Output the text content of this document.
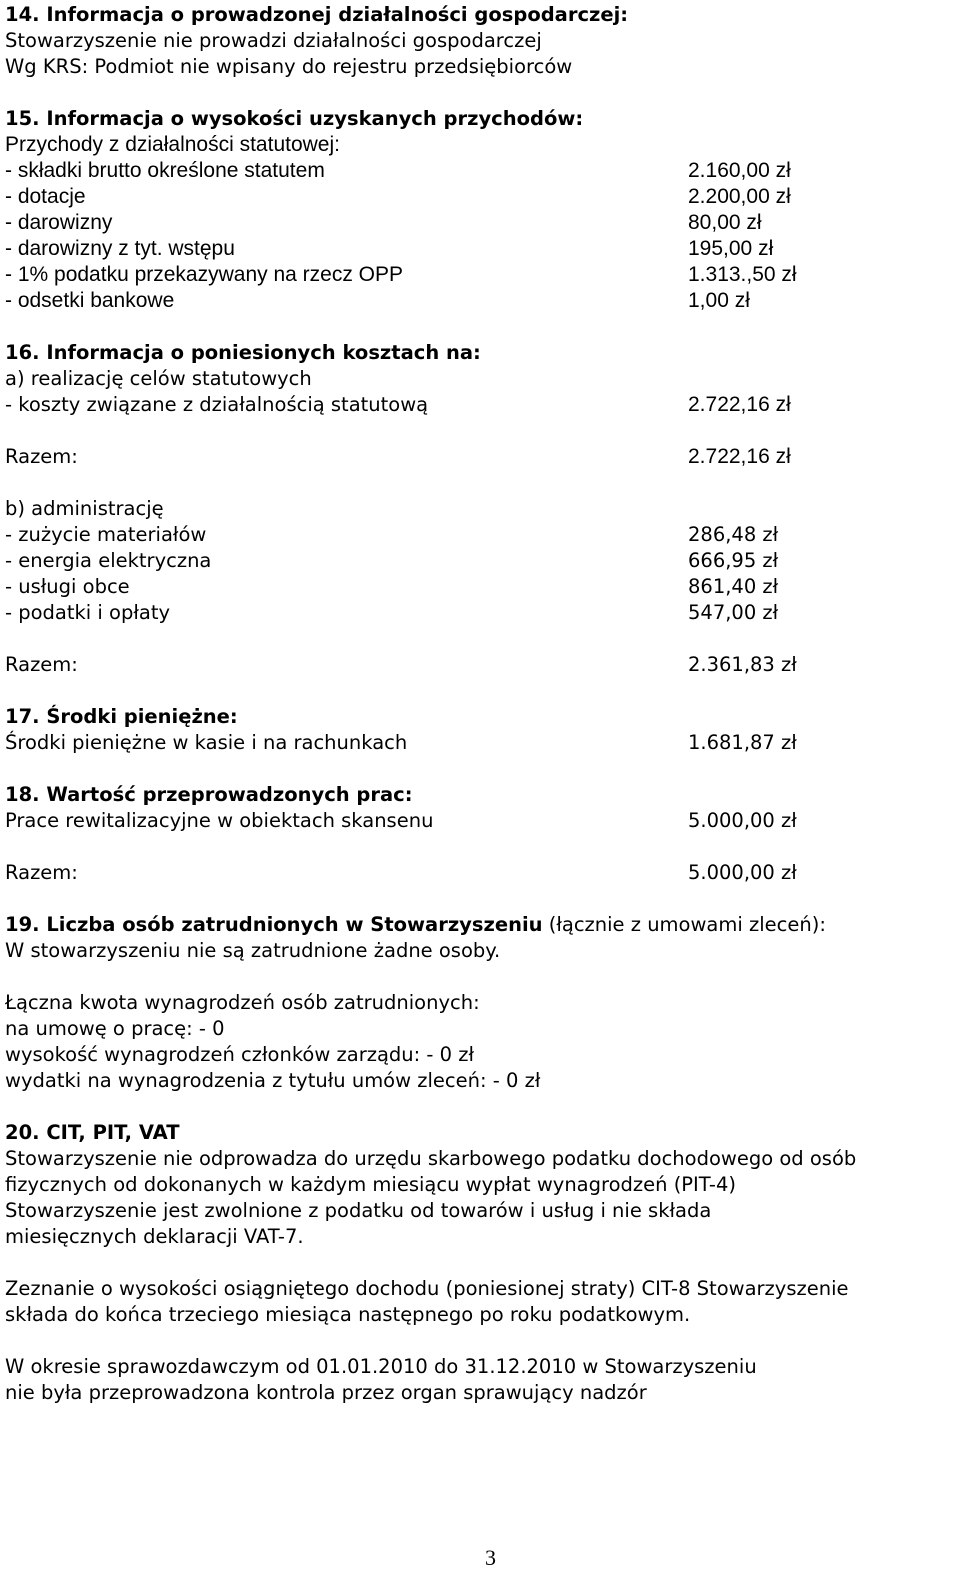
14. Informacja o prowadzonej działalności gospodarczej:
Stowarzyszenie nie prowadzi działalności gospodarczej
Wg KRS: Podmiot nie wpisany do rejestru przedsiębiorców
15. Informacja o wysokości uzyskanych przychodów:
Przychody z działalności statutowej:
- składki brutto określone statutem	2.160,00 zł
- dotacje	2.200,00 zł
- darowizny	80,00 zł
- darowizny z tyt. wstępu	195,00 zł
- 1% podatku przekazywany na rzecz OPP	1.313.,50 zł
- odsetki bankowe	1,00 zł
16. Informacja o poniesionych kosztach na:
a) realizację celów statutowych
- koszty związane z działalnością statutową	2.722,16 zł
Razem:	2.722,16 zł
b) administrację
- zużycie materiałów	286,48 zł
- energia elektryczna	666,95 zł
- usługi obce	861,40 zł
- podatki i opłaty	547,00 zł
Razem:	2.361,83 zł
17. Środki pieniężne:
Środki pieniężne w kasie i na rachunkach	1.681,87 zł
18. Wartość przeprowadzonych prac:
Prace rewitalizacyjne w obiektach skansenu	5.000,00 zł
Razem:	5.000,00 zł
19. Liczba osób zatrudnionych w Stowarzyszeniu (łącznie z umowami zleceń):
W stowarzyszeniu nie są zatrudnione żadne osoby.
Łączna kwota wynagrodzeń osób zatrudnionych:
na umowę o pracę: - 0
wysokość wynagrodzeń członków zarządu: - 0 zł
wydatki na wynagrodzenia z tytułu umów zleceń: - 0 zł
20. CIT, PIT, VAT
Stowarzyszenie nie odprowadza do urzędu skarbowego podatku dochodowego od osób
fizycznych od dokonanych w każdym miesiącu wypłat wynagrodzeń (PIT-4)
Stowarzyszenie jest zwolnione z podatku od towarów i usług i nie składa
miesięcznych deklaracji VAT-7.
Zeznanie o wysokości osiągniętego dochodu (poniesionej straty) CIT-8 Stowarzyszenie
składa do końca trzeciego miesiąca następnego po roku podatkowym.
W okresie sprawozdawczym od 01.01.2010 do 31.12.2010 w Stowarzyszeniu
nie była przeprowadzona kontrola przez organ sprawujący nadzór
3
